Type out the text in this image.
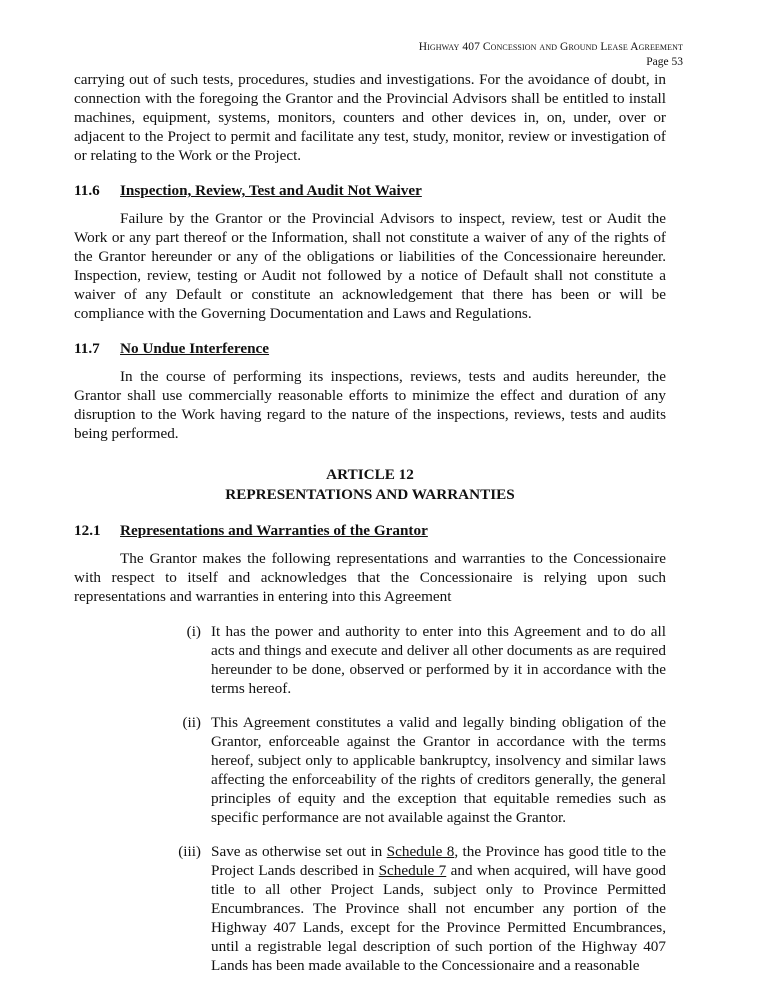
Highway 407 Concession and Ground Lease Agreement
Page 53

carrying out of such tests, procedures, studies and investigations. For the avoidance of doubt, in connection with the foregoing the Grantor and the Provincial Advisors shall be entitled to install machines, equipment, systems, monitors, counters and other devices in, on, under, over or adjacent to the Project to permit and facilitate any test, study, monitor, review or investigation of or relating to the Work or the Project.

11.6	Inspection, Review, Test and Audit Not Waiver

Failure by the Grantor or the Provincial Advisors to inspect, review, test or Audit the Work or any part thereof or the Information, shall not constitute a waiver of any of the rights of the Grantor hereunder or any of the obligations or liabilities of the Concessionaire hereunder. Inspection, review, testing or Audit not followed by a notice of Default shall not constitute a waiver of any Default or constitute an acknowledgement that there has been or will be compliance with the Governing Documentation and Laws and Regulations.

11.7	No Undue Interference

In the course of performing its inspections, reviews, tests and audits hereunder, the Grantor shall use commercially reasonable efforts to minimize the effect and duration of any disruption to the Work having regard to the nature of the inspections, reviews, tests and audits being performed.

ARTICLE 12
REPRESENTATIONS AND WARRANTIES
12.1	Representations and Warranties of the Grantor

The Grantor makes the following representations and warranties to the Concessionaire with respect to itself and acknowledges that the Concessionaire is relying upon such representations and warranties in entering into this Agreement

(i) It has the power and authority to enter into this Agreement and to do all acts and things and execute and deliver all other documents as are required hereunder to be done, observed or performed by it in accordance with the terms hereof.
(ii) This Agreement constitutes a valid and legally binding obligation of the Grantor, enforceable against the Grantor in accordance with the terms hereof, subject only to applicable bankruptcy, insolvency and similar laws affecting the enforceability of the rights of creditors generally, the general principles of equity and the exception that equitable remedies such as specific performance are not available against the Grantor.
(iii) Save as otherwise set out in Schedule 8, the Province has good title to the Project Lands described in Schedule 7 and when acquired, will have good title to all other Project Lands, subject only to Province Permitted Encumbrances. The Province shall not encumber any portion of the Highway 407 Lands, except for the Province Permitted Encumbrances, until a registrable legal description of such portion of the Highway 407 Lands has been made available to the Concessionaire and a reasonable
